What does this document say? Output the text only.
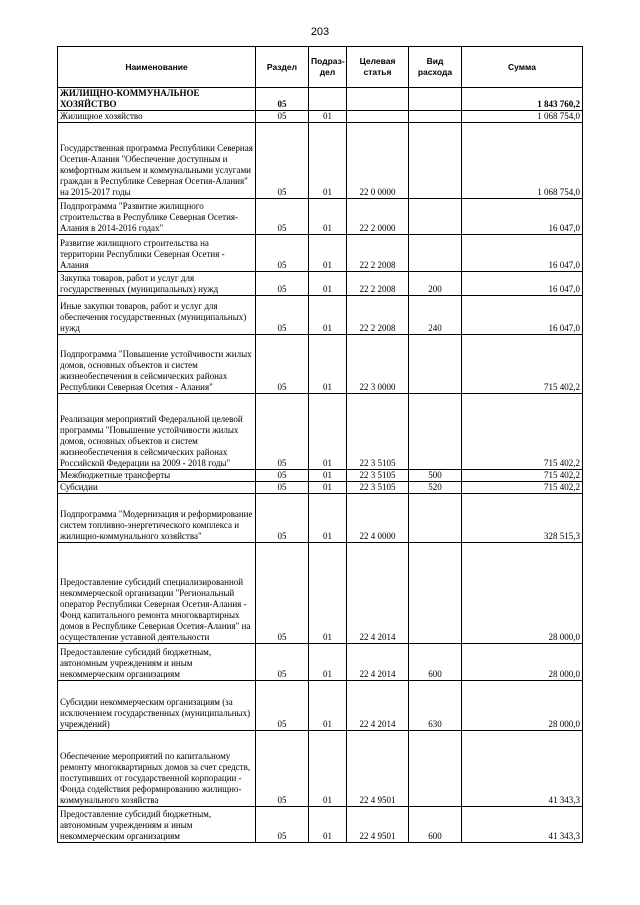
203
Наименование	Раздел	Подраз-дел	Целевая статья	Вид расхода	Сумма
ЖИЛИЩНО-КОММУНАЛЬНОЕ ХОЗЯЙСТВО	05				1 843 760,2
Жилищное хозяйство	05	01			1 068 754,0
Государственная программа Республики Северная Осетия-Алания "Обеспечение доступным и комфортным жильем и коммунальными услугами граждан в Республике Северная Осетия-Алания" на 2015-2017 годы	05	01	22 0 0000		1 068 754,0
Подпрограмма "Развитие жилищного строительства в Республике Северная Осетия-Алания в 2014-2016 годах"	05	01	22 2 0000		16 047,0
Развитие жилищного строительства на территории Республики Северная Осетия - Алания	05	01	22 2 2008		16 047,0
Закупка товаров, работ и услуг для государственных (муниципальных) нужд	05	01	22 2 2008	200	16 047,0
Иные закупки товаров, работ и услуг для обеспечения государственных (муниципальных) нужд	05	01	22 2 2008	240	16 047,0
Подпрограмма "Повышение устойчивости жилых домов, основных объектов и систем жизнеобеспечения в сейсмических районах Республики Северная Осетия - Алания"	05	01	22 3 0000		715 402,2
Реализация мероприятий Федеральной целевой программы "Повышение устойчивости жилых домов, основных объектов и систем жизнеобеспечения в сейсмических районах Российской Федерации на 2009 - 2018 годы"	05	01	22 3 5105		715 402,2
Межбюджетные трансферты	05	01	22 3 5105	500	715 402,2
Субсидии	05	01	22 3 5105	520	715 402,2
Подпрограмма "Модернизация и реформирование систем топливно-энергетического комплекса и жилищно-коммунального хозяйства"	05	01	22 4 0000		328 515,3
Предоставление субсидий специализированной некоммерческой организации "Региональный оператор Республики Северная Осетия-Алания - Фонд капитального ремонта многоквартирных домов в Республике Северная Осетия-Алания" на осуществление уставной деятельности	05	01	22 4 2014		28 000,0
Предоставление субсидий бюджетным, автономным учреждениям и иным некоммерческим организациям	05	01	22 4 2014	600	28 000,0
Субсидии некоммерческим организациям (за исключением государственных (муниципальных) учреждений)	05	01	22 4 2014	630	28 000,0
Обеспечение мероприятий по капитальному ремонту многоквартирных домов за счет средств, поступивших от государственной корпорации - Фонда содействия реформированию жилищно-коммунального хозяйства	05	01	22 4 9501		41 343,3
Предоставление субсидий бюджетным, автономным учреждениям и иным некоммерческим организациям	05	01	22 4 9501	600	41 343,3
